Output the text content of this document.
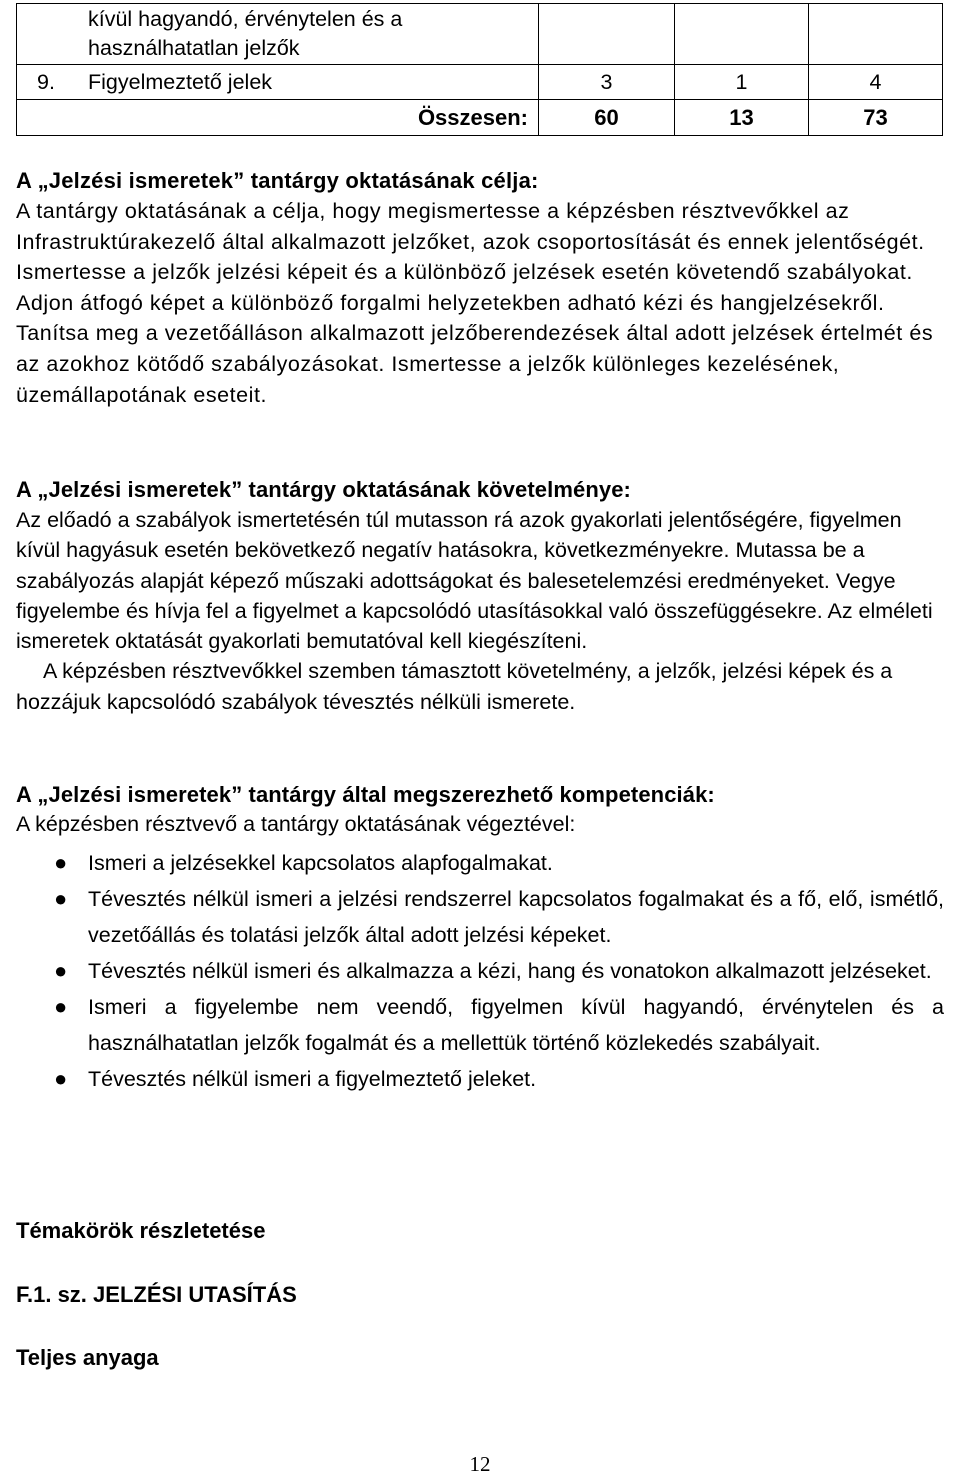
kívül hagyandó, érvénytelen és a
használhatatlan jelzők			

9. Figyelmeztető jelek	3	1	4
Összesen:	60	13	73

A „Jelzési ismeretek” tantárgy oktatásának célja:

A tantárgy oktatásának a célja, hogy megismertesse a képzésben résztvevőkkel az Infrastruktúrakezelő által alkalmazott jelzőket, azok csoportosítását és ennek jelentőségét. Ismertesse a jelzők jelzési képeit és a különböző jelzések esetén követendő szabályokat. Adjon átfogó képet a különböző forgalmi helyzetekben adható kézi és hangjelzésekről. Tanítsa meg a vezetőálláson alkalmazott jelzőberendezések által adott jelzések értelmét és az azokhoz kötődő szabályozásokat. Ismertesse a jelzők különleges kezelésének, üzemállapotának eseteit.

A „Jelzési ismeretek” tantárgy oktatásának követelménye:

Az előadó a szabályok ismertetésén túl mutasson rá azok gyakorlati jelentőségére, figyelmen kívül hagyásuk esetén bekövetkező negatív hatásokra, következményekre. Mutassa be a szabályozás alapját képező műszaki adottságokat és balesetelemzési eredményeket. Vegye figyelembe és hívja fel a figyelmet a kapcsolódó utasításokkal való összefüggésekre. Az elméleti ismeretek oktatását gyakorlati bemutatóval kell kiegészíteni.

A képzésben résztvevőkkel szemben támasztott követelmény, a jelzők, jelzési képek és a hozzájuk kapcsolódó szabályok tévesztés nélküli ismerete.

A „Jelzési ismeretek” tantárgy által megszerezhető kompetenciák:

A képzésben résztvevő a tantárgy oktatásának végeztével:

● Ismeri a jelzésekkel kapcsolatos alapfogalmakat.
● Tévesztés nélkül ismeri a jelzési rendszerrel kapcsolatos fogalmakat és a fő, elő, ismétlő, vezetőállás és tolatási jelzők által adott jelzési képeket.
● Tévesztés nélkül ismeri és alkalmazza a kézi, hang és vonatokon alkalmazott jelzéseket.
● Ismeri a figyelembe nem veendő, figyelmen kívül hagyandó, érvénytelen és a használhatatlan jelzők fogalmát és a mellettük történő közlekedés szabályait.
● Tévesztés nélkül ismeri a figyelmeztető jeleket.

Témakörök részletetése

F.1. sz. JELZÉSI UTASÍTÁS

Teljes anyaga

12
